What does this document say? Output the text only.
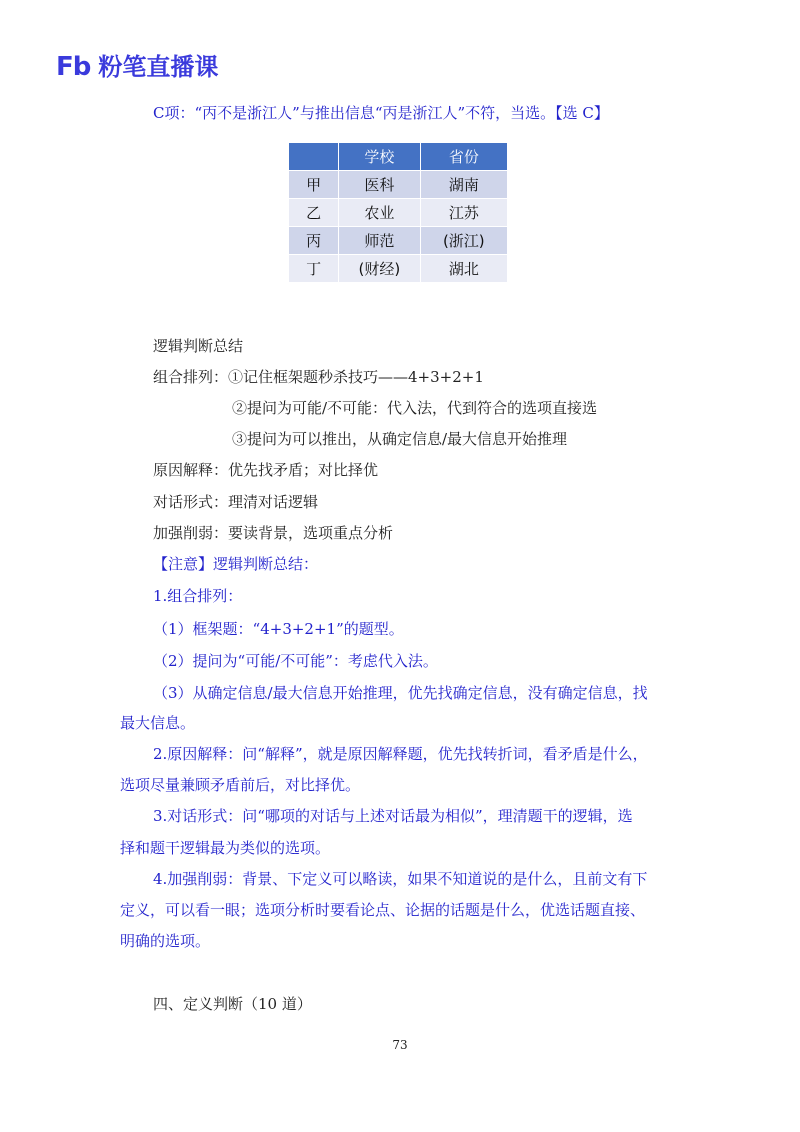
Fb 粉笔直播课
C项：“丙不是浙江人”与推出信息“丙是浙江人”不符，当选。【选 C】
	学校	省份
甲	医科	湖南
乙	农业	江苏
丙	师范	(浙江)
丁	(财经)	湖北
逻辑判断总结
组合排列：①记住框架题秒杀技巧——4+3+2+1
②提问为可能/不可能：代入法，代到符合的选项直接选
③提问为可以推出，从确定信息/最大信息开始推理
原因解释：优先找矛盾；对比择优
对话形式：理清对话逻辑
加强削弱：要读背景，选项重点分析
【注意】逻辑判断总结：
1.组合排列：
（1）框架题：“4+3+2+1”的题型。
（2）提问为“可能/不可能”：考虑代入法。
（3）从确定信息/最大信息开始推理，优先找确定信息，没有确定信息，找
最大信息。
2.原因解释：问“解释”，就是原因解释题，优先找转折词，看矛盾是什么，
选项尽量兼顾矛盾前后，对比择优。
3.对话形式：问“哪项的对话与上述对话最为相似”，理清题干的逻辑，选
择和题干逻辑最为类似的选项。
4.加强削弱：背景、下定义可以略读，如果不知道说的是什么，且前文有下
定义，可以看一眼；选项分析时要看论点、论据的话题是什么，优选话题直接、
明确的选项。
四、定义判断（10 道）
73
